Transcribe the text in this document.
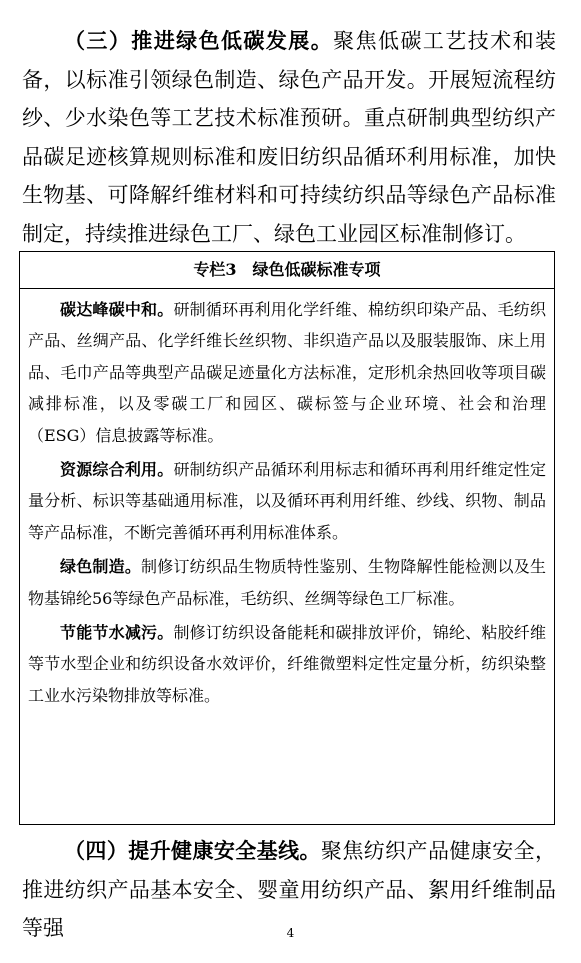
（三）推进绿色低碳发展。聚焦低碳工艺技术和装备，以标准引领绿色制造、绿色产品开发。开展短流程纺纱、少水染色等工艺技术标准预研。重点研制典型纺织产品碳足迹核算规则标准和废旧纺织品循环利用标准，加快生物基、可降解纤维材料和可持续纺织品等绿色产品标准制定，持续推进绿色工厂、绿色工业园区标准制修订。

专栏3　绿色低碳标准专项

碳达峰碳中和。研制循环再利用化学纤维、棉纺织印染产品、毛纺织产品、丝绸产品、化学纤维长丝织物、非织造产品以及服装服饰、床上用品、毛巾产品等典型产品碳足迹量化方法标准，定形机余热回收等项目碳减排标准，以及零碳工厂和园区、碳标签与企业环境、社会和治理（ESG）信息披露等标准。

资源综合利用。研制纺织产品循环利用标志和循环再利用纤维定性定量分析、标识等基础通用标准，以及循环再利用纤维、纱线、织物、制品等产品标准，不断完善循环再利用标准体系。

绿色制造。制修订纺织品生物质特性鉴别、生物降解性能检测以及生物基锦纶56等绿色产品标准，毛纺织、丝绸等绿色工厂标准。

节能节水减污。制修订纺织设备能耗和碳排放评价，锦纶、粘胶纤维等节水型企业和纺织设备水效评价，纤维微塑料定性定量分析，纺织染整工业水污染物排放等标准。

（四）提升健康安全基线。聚焦纺织产品健康安全，推进纺织产品基本安全、婴童用纺织产品、絮用纤维制品等强	4
